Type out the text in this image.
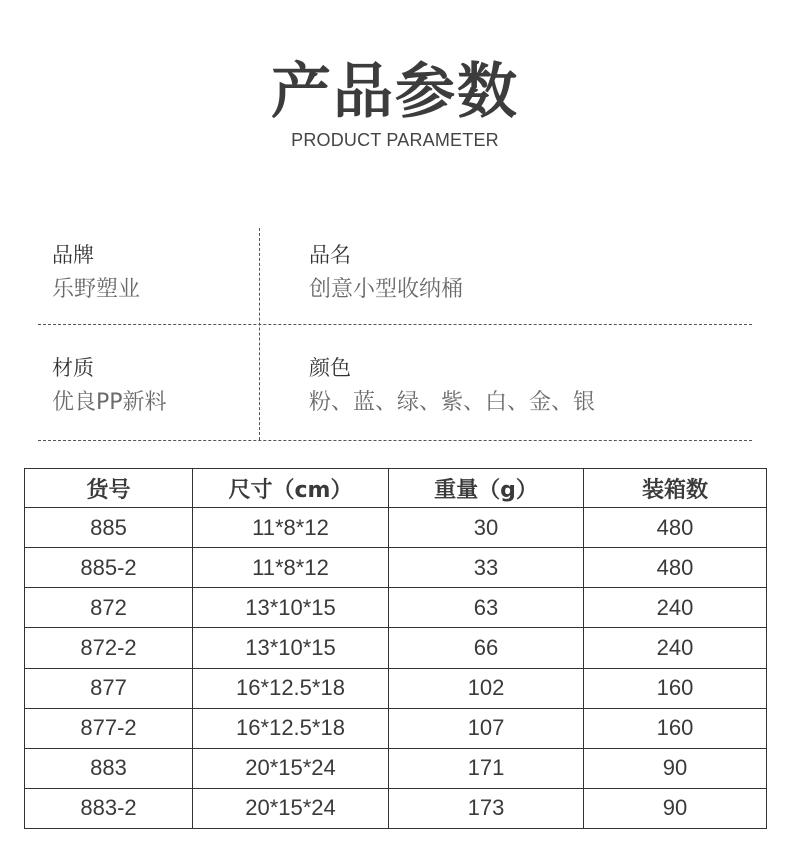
产品参数
PRODUCT PARAMETER
品牌
乐野塑业
品名
创意小型收纳桶
材质
优良PP新料
颜色
粉、蓝、绿、紫、白、金、银
货号	尺寸（cm）	重量（g）	装箱数
885	11*8*12	30	480
885-2	11*8*12	33	480
872	13*10*15	63	240
872-2	13*10*15	66	240
877	16*12.5*18	102	160
877-2	16*12.5*18	107	160
883	20*15*24	171	90
883-2	20*15*24	173	90
